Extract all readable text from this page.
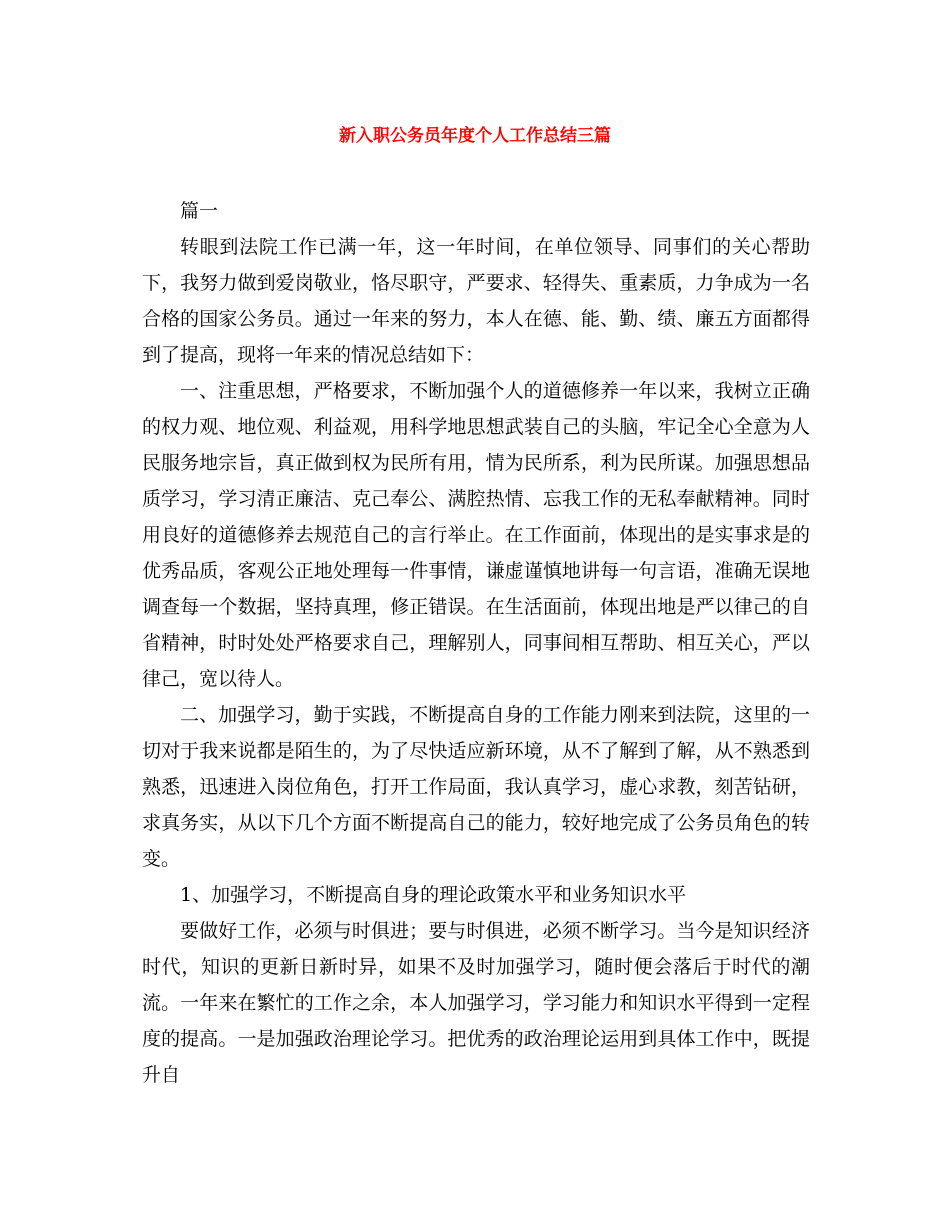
新入职公务员年度个人工作总结三篇

篇一

转眼到法院工作已满一年，这一年时间，在单位领导、同事们的关心帮助下，我努力做到爱岗敬业，恪尽职守，严要求、轻得失、重素质，力争成为一名合格的国家公务员。通过一年来的努力，本人在德、能、勤、绩、廉五方面都得到了提高，现将一年来的情况总结如下：

一、注重思想，严格要求，不断加强个人的道德修养一年以来，我树立正确的权力观、地位观、利益观，用科学地思想武装自己的头脑，牢记全心全意为人民服务地宗旨，真正做到权为民所有用，情为民所系，利为民所谋。加强思想品质学习，学习清正廉洁、克己奉公、满腔热情、忘我工作的无私奉献精神。同时用良好的道德修养去规范自己的言行举止。在工作面前，体现出的是实事求是的优秀品质，客观公正地处理每一件事情，谦虚谨慎地讲每一句言语，准确无误地调查每一个数据，坚持真理，修正错误。在生活面前，体现出地是严以律己的自省精神，时时处处严格要求自己，理解别人，同事间相互帮助、相互关心，严以律己，宽以待人。

二、加强学习，勤于实践，不断提高自身的工作能力刚来到法院，这里的一切对于我来说都是陌生的，为了尽快适应新环境，从不了解到了解，从不熟悉到熟悉，迅速进入岗位角色，打开工作局面，我认真学习，虚心求教，刻苦钻研，求真务实，从以下几个方面不断提高自己的能力，较好地完成了公务员角色的转变。

1、加强学习，不断提高自身的理论政策水平和业务知识水平

要做好工作，必须与时俱进；要与时俱进，必须不断学习。当今是知识经济时代，知识的更新日新时异，如果不及时加强学习，随时便会落后于时代的潮流。一年来在繁忙的工作之余，本人加强学习，学习能力和知识水平得到一定程度的提高。一是加强政治理论学习。把优秀的政治理论运用到具体工作中，既提升自
